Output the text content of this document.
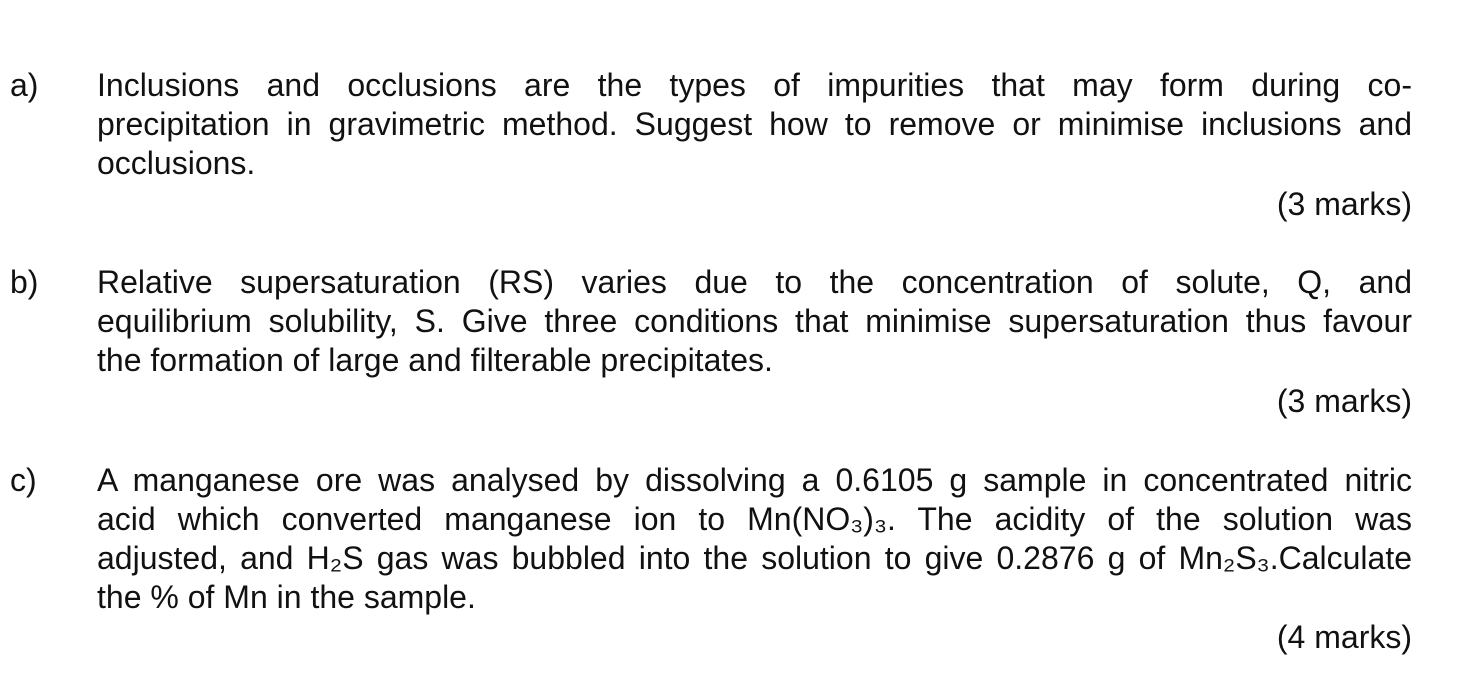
a) Inclusions and occlusions are the types of impurities that may form during co-
precipitation in gravimetric method. Suggest how to remove or minimise inclusions and
occlusions.
(3 marks)
b) Relative supersaturation (RS) varies due to the concentration of solute, Q, and
equilibrium solubility, S. Give three conditions that minimise supersaturation thus favour
the formation of large and filterable precipitates.
(3 marks)
c) A manganese ore was analysed by dissolving a 0.6105 g sample in concentrated nitric
acid which converted manganese ion to Mn(NO₃)₃. The acidity of the solution was
adjusted, and H₂S gas was bubbled into the solution to give 0.2876 g of Mn₂S₃.Calculate
the % of Mn in the sample.
(4 marks)
